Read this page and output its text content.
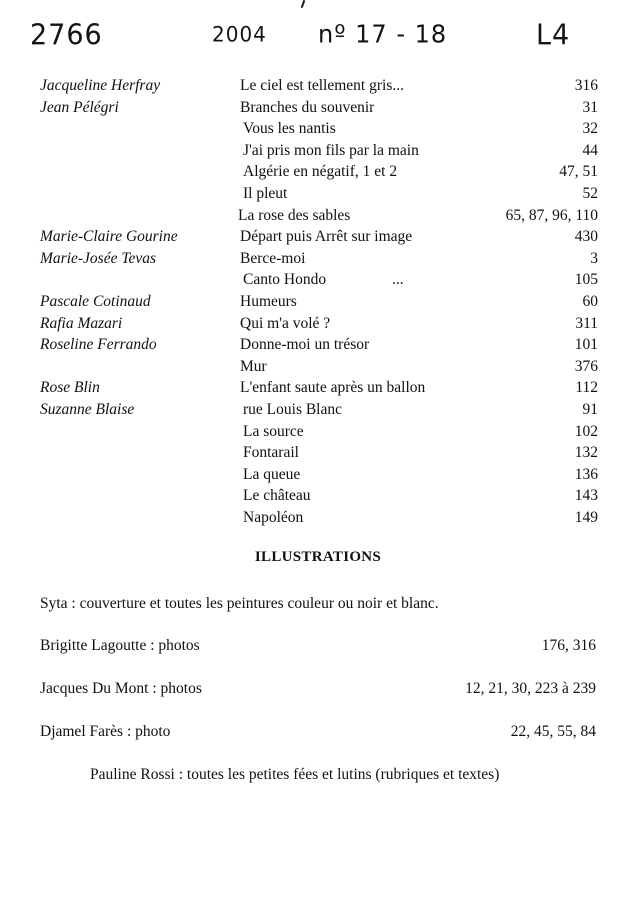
2766	2004 nº 17 - 18	L4
Jacqueline Herfray	Le ciel est tellement gris...	316
Jean Pélégri	Branches du souvenir	31
Vous les nantis	32
J'ai pris mon fils par la main	44
Algérie en négatif, 1 et 2	47, 51
Il pleut	52
La rose des sables	65, 87, 96, 110
Marie-Claire Gourine	Départ puis Arrêt sur image	430
Marie-Josée Tevas	Berce-moi	3
Canto Hondo	...	105
Pascale Cotinaud	Humeurs	60
Rafia Mazari	Qui m'a volé ?	311
Roseline Ferrando	Donne-moi un trésor	101
Mur	376
Rose Blin	L'enfant saute après un ballon	112
Suzanne Blaise	rue Louis Blanc	91
La source	102
Fontarail	132
La queue	136
Le château	143
Napoléon	149
ILLUSTRATIONS
Syta : couverture et toutes les peintures couleur ou noir et blanc.
Brigitte Lagoutte : photos	176, 316
Jacques Du Mont : photos	12, 21, 30, 223 à 239
Djamel Farès : photo	22, 45, 55, 84
Pauline Rossi : toutes les petites fées et lutins (rubriques et textes)
